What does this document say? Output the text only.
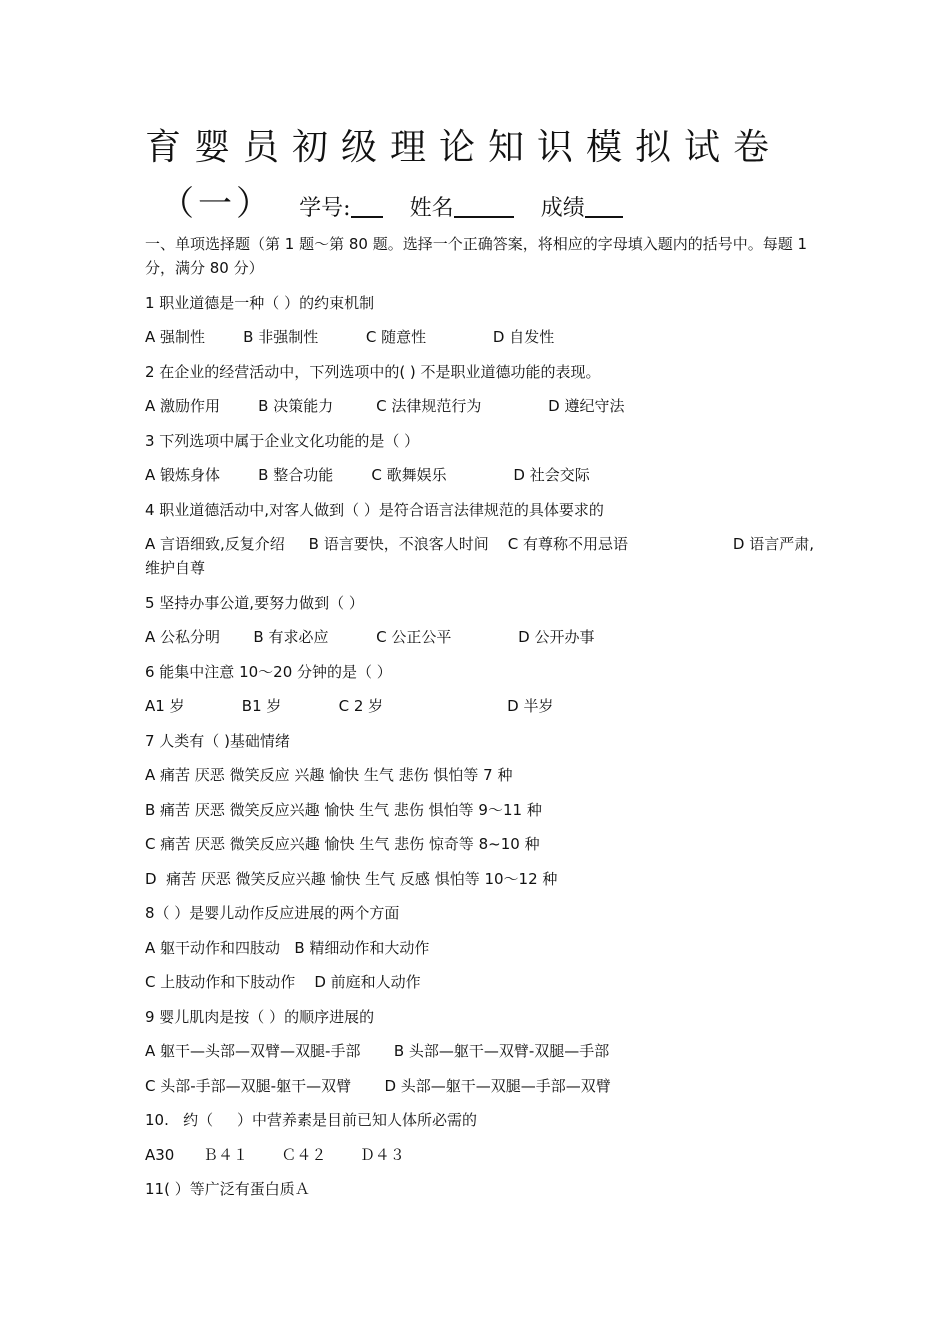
育婴员初级理论知识模拟试卷
（一） 学号:	姓名	成绩

一、单项选择题（第 1 题～第 80 题。选择一个正确答案，将相应的字母填入题内的括号中。每题 1 分，满分 80 分）

1 职业道德是一种（ ）的约束机制

A 强制性        B 非强制性          C 随意性              D 自发性

2 在企业的经营活动中，下列选项中的( ) 不是职业道德功能的表现。

A 激励作用        B 决策能力         C 法律规范行为              D 遵纪守法

3 下列选项中属于企业文化功能的是（ ）

A 锻炼身体        B 整合功能        C 歌舞娱乐              D 社会交际

4 职业道德活动中,对客人做到（ ）是符合语言法律规范的具体要求的

A 言语细致,反复介绍     B 语言要快，不浪客人时间    C 有尊称不用忌语                      D 语言严肃,维护自尊

5 坚持办事公道,要努力做到（ ）

A 公私分明       B 有求必应          C 公正公平              D 公开办事

6 能集中注意 10～20 分钟的是（ ）

A1 岁            B1 岁            C 2 岁                          D 半岁

7 人类有（ )基础情绪

A 痛苦 厌恶 微笑反应 兴趣 愉快 生气 悲伤 惧怕等 7 种

B 痛苦 厌恶 微笑反应兴趣 愉快 生气 悲伤 惧怕等 9～11 种

C 痛苦 厌恶 微笑反应兴趣 愉快 生气 悲伤 惊奇等 8~10 种

D  痛苦 厌恶 微笑反应兴趣 愉快 生气 反感 惧怕等 10～12 种

8（ ）是婴儿动作反应进展的两个方面

A 躯干动作和四肢动   B 精细动作和大动作

C 上肢动作和下肢动作    D 前庭和人动作

9 婴儿肌肉是按（ ）的顺序进展的

A 躯干—头部—双臂—双腿-手部       B 头部—躯干—双臂-双腿—手部

C 头部-手部—双腿-躯干—双臂       D 头部—躯干—双腿—手部—双臂

10.   约（     ）中营养素是目前已知人体所必需的

A30      Ｂ４１       Ｃ４２       Ｄ４３

11( ）等广泛有蛋白质Ａ
